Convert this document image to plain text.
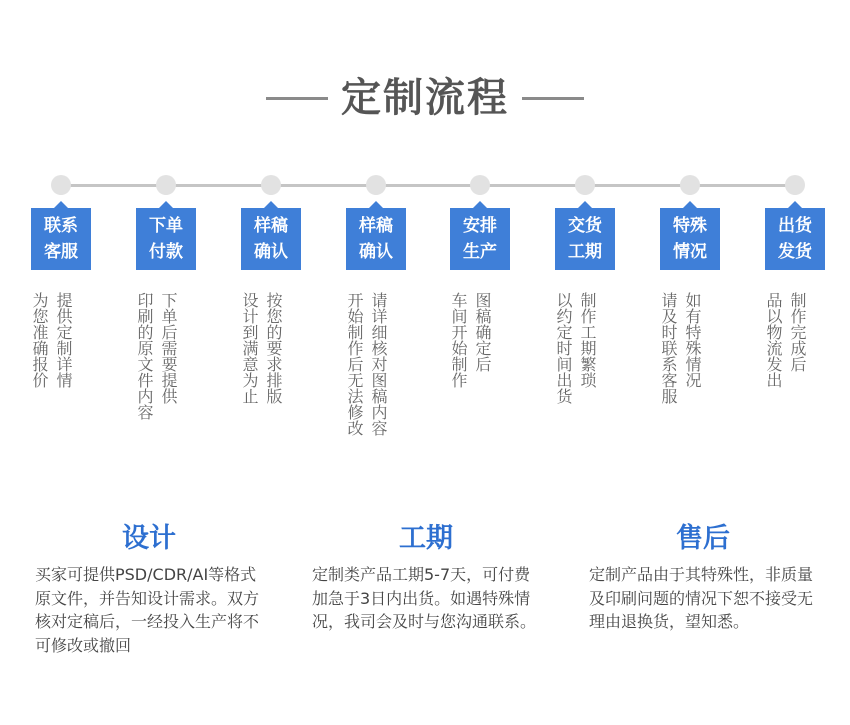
定制流程
联系
客服
提供定制详情
为您准确报价
下单
付款
下单后需要提供
印刷的原文件内容
样稿
确认
按您的要求排版
设计到满意为止
样稿
确认
请详细核对图稿内容
开始制作后无法修改
安排
生产
图稿确定后
车间开始制作
交货
工期
制作工期繁琐
以约定时间出货
特殊
情况
如有特殊情况
请及时联系客服
出货
发货
制作完成后
品以物流发出
设计
买家可提供PSD/CDR/AI等格式原文件，并告知设计需求。双方核对定稿后，一经投入生产将不可修改或撤回
工期
定制类产品工期5-7天，可付费加急于3日内出货。如遇特殊情况，我司会及时与您沟通联系。
售后
定制产品由于其特殊性，非质量及印刷问题的情况下恕不接受无理由退换货，望知悉。
